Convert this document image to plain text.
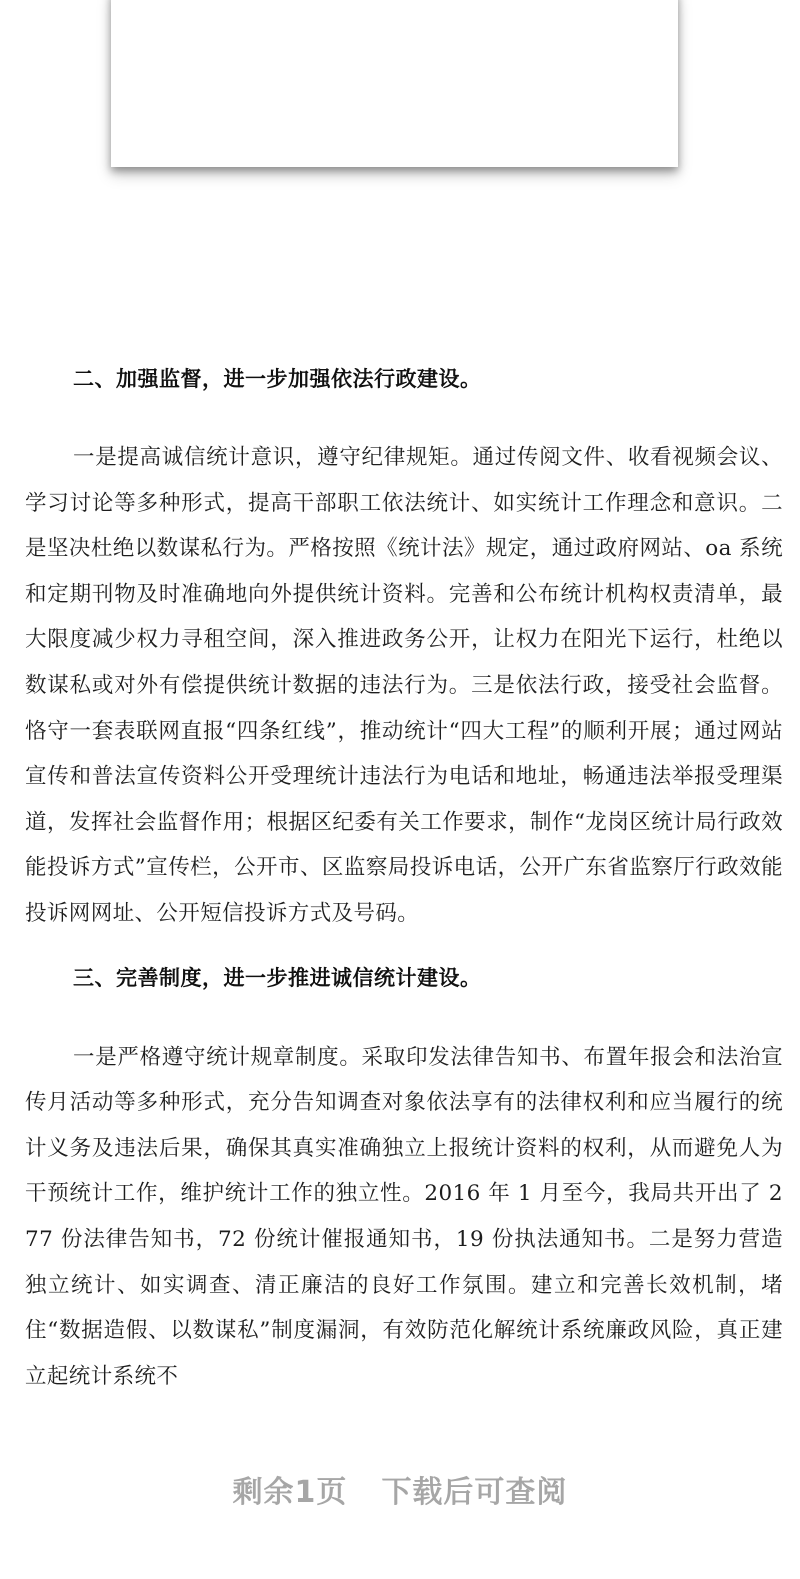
二、加强监督，进一步加强依法行政建设。

一是提高诚信统计意识，遵守纪律规矩。通过传阅文件、收看视频会议、学习讨论等多种形式，提高干部职工依法统计、如实统计工作理念和意识。二是坚决杜绝以数谋私行为。严格按照《统计法》规定，通过政府网站、oa 系统和定期刊物及时准确地向外提供统计资料。完善和公布统计机构权责清单，最大限度减少权力寻租空间，深入推进政务公开，让权力在阳光下运行，杜绝以数谋私或对外有偿提供统计数据的违法行为。三是依法行政，接受社会监督。恪守一套表联网直报“四条红线”，推动统计“四大工程”的顺利开展；通过网站宣传和普法宣传资料公开受理统计违法行为电话和地址，畅通违法举报受理渠道，发挥社会监督作用；根据区纪委有关工作要求，制作“龙岗区统计局行政效能投诉方式”宣传栏，公开市、区监察局投诉电话，公开广东省监察厅行政效能投诉网网址、公开短信投诉方式及号码。

三、完善制度，进一步推进诚信统计建设。

一是严格遵守统计规章制度。采取印发法律告知书、布置年报会和法治宣传月活动等多种形式，充分告知调查对象依法享有的法律权利和应当履行的统计义务及违法后果，确保其真实准确独立上报统计资料的权利，从而避免人为干预统计工作，维护统计工作的独立性。2016 年 1 月至今，我局共开出了 277 份法律告知书，72 份统计催报通知书，19 份执法通知书。二是努力营造独立统计、如实调查、清正廉洁的良好工作氛围。建立和完善长效机制，堵住“数据造假、以数谋私”制度漏洞，有效防范化解统计系统廉政风险，真正建立起统计系统不

剩余1页 下载后可查阅
